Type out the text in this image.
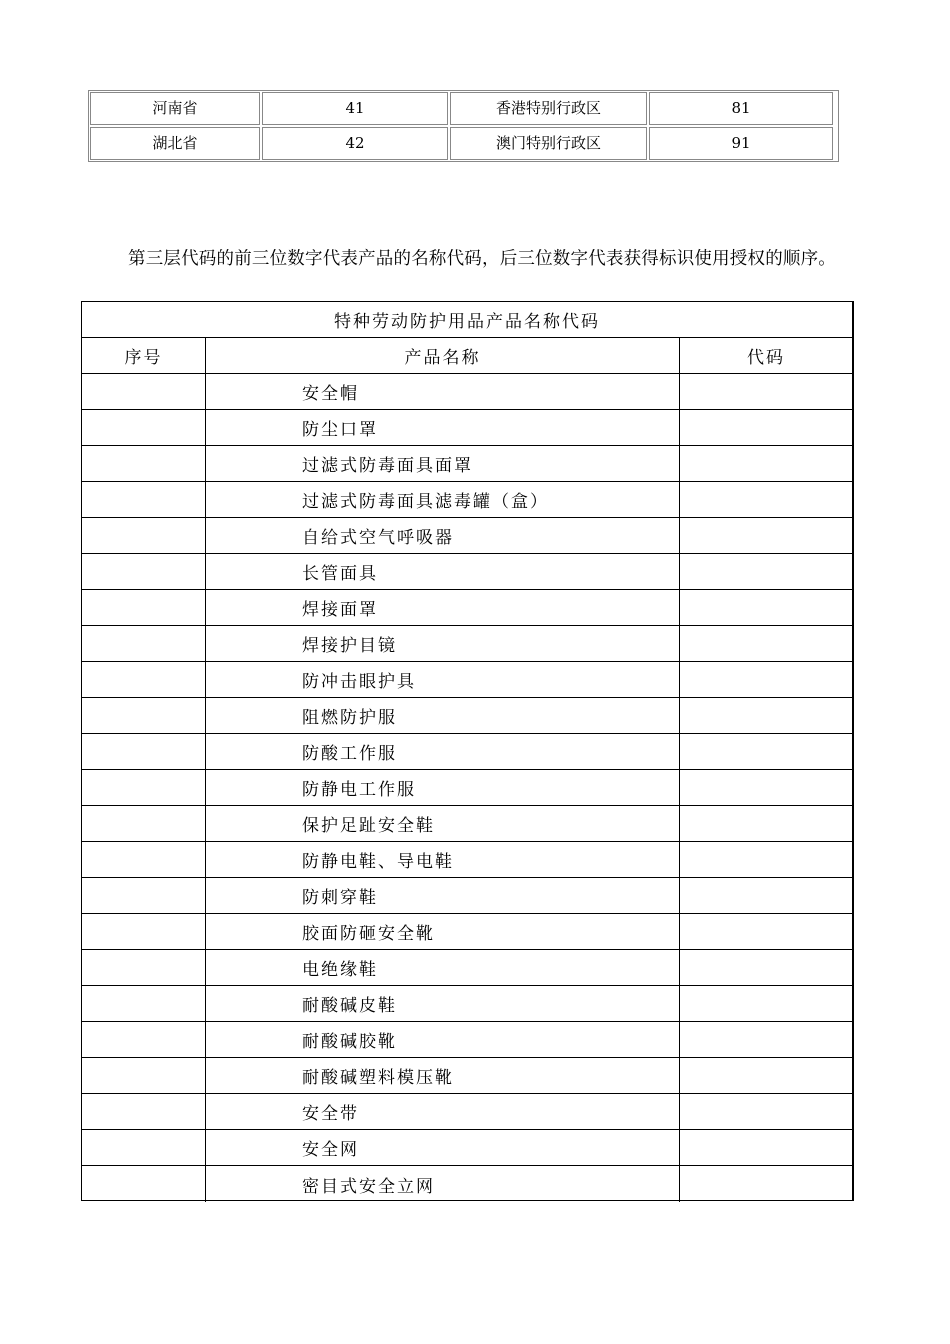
河南省	41	香港特别行政区	81
湖北省	42	澳门特别行政区	91

第三层代码的前三位数字代表产品的名称代码，后三位数字代表获得标识使用授权的顺序。

特种劳动防护用品产品名称代码
序号	产品名称	代码
安全帽
防尘口罩
过滤式防毒面具面罩
过滤式防毒面具滤毒罐（盒）
自给式空气呼吸器
长管面具
焊接面罩
焊接护目镜
防冲击眼护具
阻燃防护服
防酸工作服
防静电工作服
保护足趾安全鞋
防静电鞋、导电鞋
防刺穿鞋
胶面防砸安全靴
电绝缘鞋
耐酸碱皮鞋
耐酸碱胶靴
耐酸碱塑料模压靴
安全带
安全网
密目式安全立网
